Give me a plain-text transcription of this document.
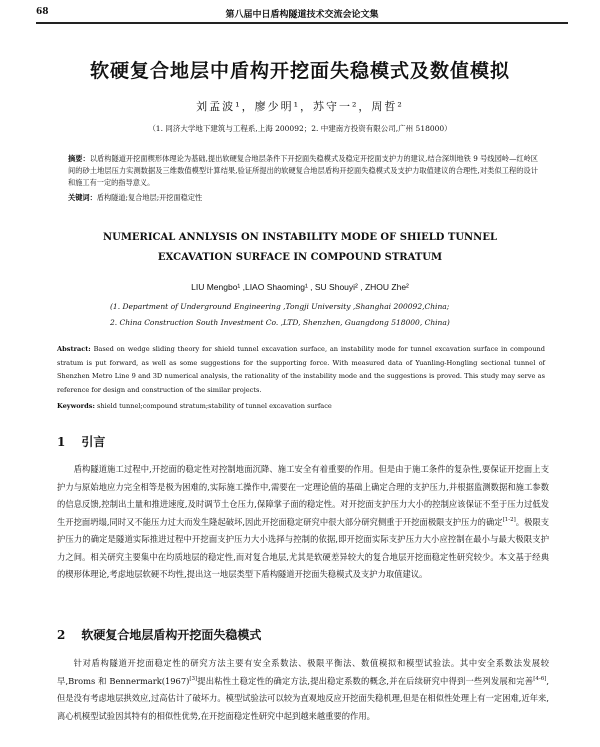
68	第八届中日盾构隧道技术交流会论文集
软硬复合地层中盾构开挖面失稳模式及数值模拟
刘孟波¹，廖少明¹，苏守一²，周哲²
（1. 同济大学地下建筑与工程系,上海 200092；2. 中建南方投资有限公司,广州 518000）
摘要：以盾构隧道开挖面楔形体理论为基础,提出软硬复合地层条件下开挖面失稳模式及稳定开挖面支护力的建议,结合深圳地铁 9 号线园岭—红岭区间的砂土地层压力实测数据及三维数值模型计算结果,验证所提出的软硬复合地层盾构开挖面失稳模式及支护力取值建议的合理性,对类似工程的设计和施工有一定的指导意义。
关键词：盾构隧道;复合地层;开挖面稳定性
NUMERICAL ANNLYSIS ON INSTABILITY MODE OF SHIELD TUNNEL
EXCAVATION SURFACE IN COMPOUND STRATUM
LIU Mengbo¹ ,LIAO Shaoming¹ , SU Shouyi² , ZHOU Zhe²
(1. Department of Underground Engineering ,Tongji University ,Shanghai 200092,China;
2. China Construction South Investment Co. ,LTD, Shenzhen, Guangdong 518000, China)
Abstract: Based on wedge sliding theory for shield tunnel excavation surface, an instability mode for tunnel excavation surface in compound stratum is put forward, as well as some suggestions for the supporting force. With measured data of Yuanling-Hongling sectional tunnel of Shenzhen Metro Line 9 and 3D numerical analysis, the rationality of the instability mode and the suggestions is proved. This study may serve as reference for design and construction of the similar projects.
Keywords: shield tunnel;compound stratum;stability of tunnel excavation surface
1 引言
盾构隧道施工过程中,开挖面的稳定性对控制地面沉降、施工安全有着重要的作用。但是由于施工条件的复杂性,要保证开挖面上支护力与原始地应力完全相等是极为困难的,实际施工操作中,需要在一定理论值的基础上确定合理的支护压力,并根据监测数据和施工参数的信息反馈,控制出土量和推进速度,及时调节土仓压力,保障掌子面的稳定性。对开挖面支护压力大小的控制应该保证不至于压力过低发生开挖面坍塌,同时又不能压力过大而发生隆起破坏,因此开挖面稳定研究中很大部分研究侧重于开挖面极限支护压力的确定[1-2]。极限支护压力的确定是隧道实际推进过程中开挖面支护压力大小选择与控制的依据,即开挖面实际支护压力大小应控制在最小与最大极限支护力之间。相关研究主要集中在均质地层的稳定性,而对复合地层,尤其是软硬差异较大的复合地层开挖面稳定性研究较少。本文基于经典的楔形体理论,考虑地层软硬不均性,提出这一地层类型下盾构隧道开挖面失稳模式及支护力取值建议。
2 软硬复合地层盾构开挖面失稳模式
针对盾构隧道开挖面稳定性的研究方法主要有安全系数法、极限平衡法、数值模拟和模型试验法。其中安全系数法发展较早,Broms 和 Bennermark(1967)[3]提出粘性土稳定性的确定方法,提出稳定系数的概念,并在后续研究中得到一些列发展和完善[4-6],但是没有考虑地层拱效应,过高估计了破坏力。模型试验法可以较为直观地反应开挖面失稳机理,但是在相似性处理上有一定困难,近年来,离心机模型试验因其特有的相似性优势,在开挖面稳定性研究中起到越来越重要的作用。
